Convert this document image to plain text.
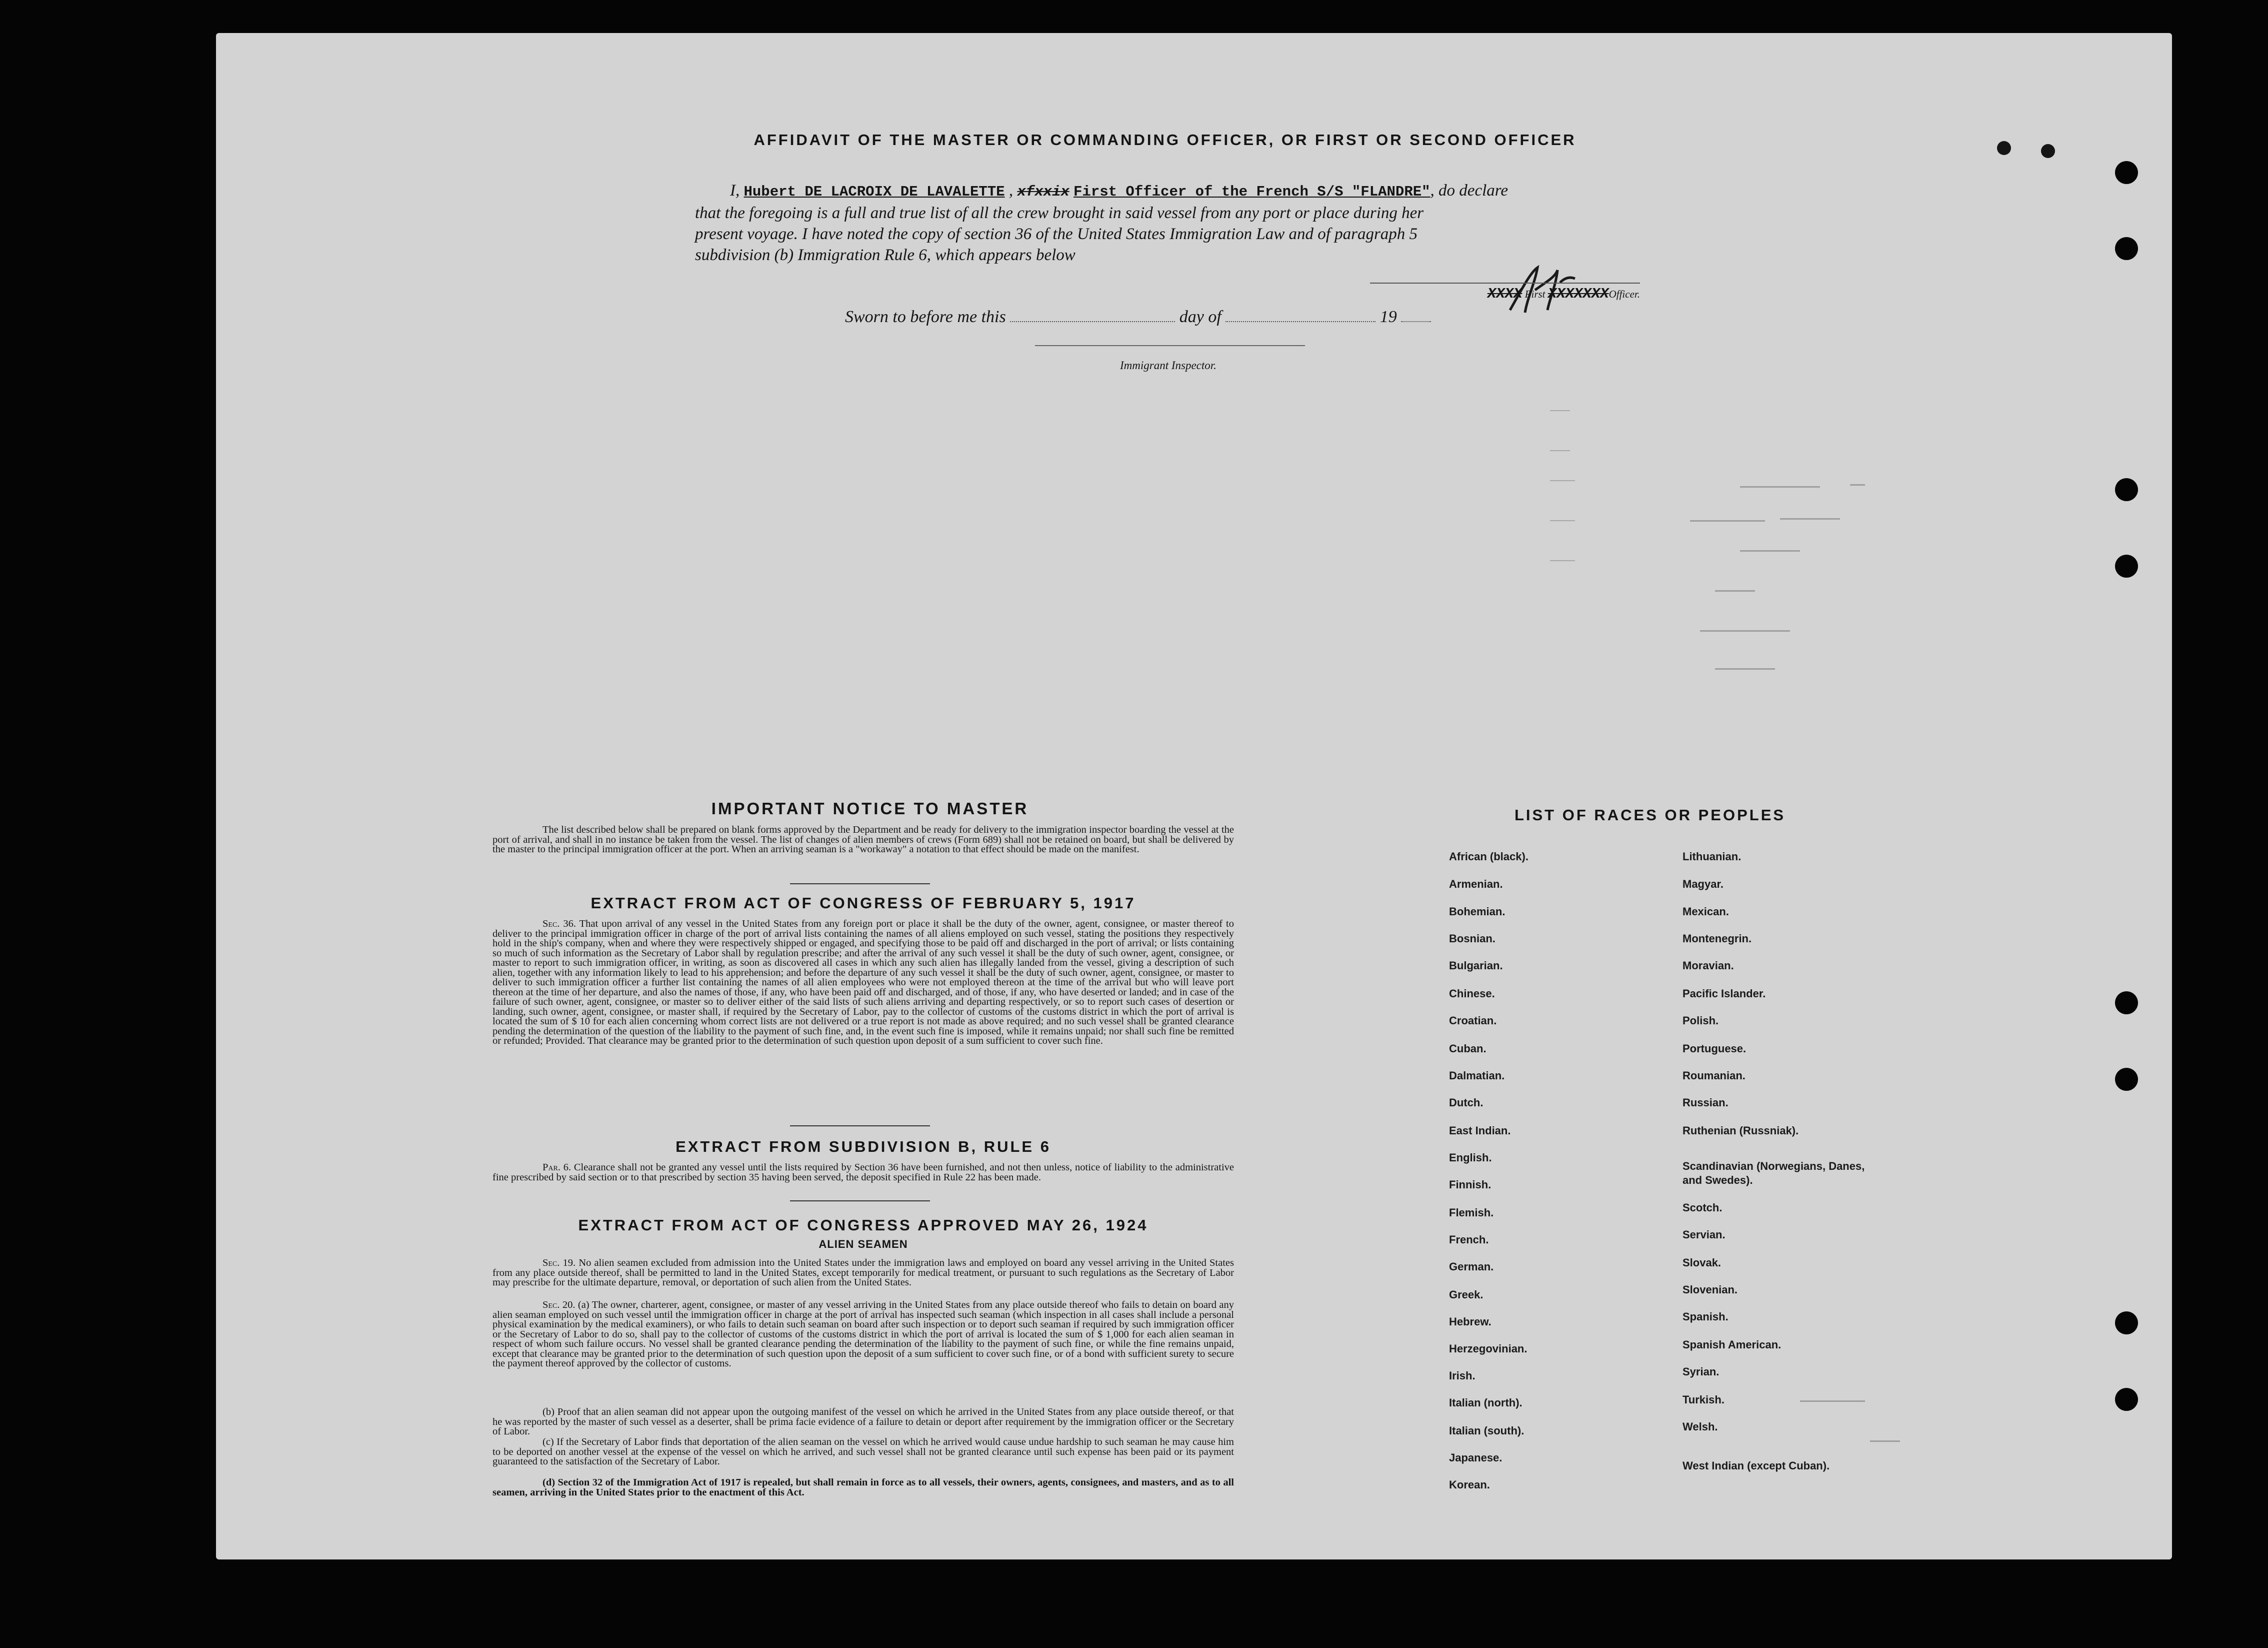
AFFIDAVIT OF THE MASTER OR COMMANDING OFFICER, OR FIRST OR SECOND OFFICER
I, Hubert DE LACROIX DE LAVALETTE , xfxxix First Officer of the French S/S "FLANDRE", do declare
that the foregoing is a full and true list of all the crew brought in said vessel from any port or place during her
present voyage. I have noted the copy of section 36 of the United States Immigration Law and of paragraph 5
subdivision (b) Immigration Rule 6, which appears below
XXXX First XXXXXXXOfficer.
Sworn to before me this	day of	19
Immigrant Inspector.
IMPORTANT NOTICE TO MASTER
The list described below shall be prepared on blank forms approved by the Department and be ready for delivery to the immigration inspector boarding the vessel at the port of arrival, and shall in no instance be taken from the vessel. The list of changes of alien members of crews (Form 689) shall not be retained on board, but shall be delivered by the master to the principal immigration officer at the port. When an arriving seaman is a "workaway" a notation to that effect should be made on the manifest.
EXTRACT FROM ACT OF CONGRESS OF FEBRUARY 5, 1917
Sec. 36. That upon arrival of any vessel in the United States from any foreign port or place it shall be the duty of the owner, agent, consignee, or master thereof to deliver to the principal immigration officer in charge of the port of arrival lists containing the names of all aliens employed on such vessel, stating the positions they respectively hold in the ship's company, when and where they were respectively shipped or engaged, and specifying those to be paid off and discharged in the port of arrival; or lists containing so much of such information as the Secretary of Labor shall by regulation prescribe; and after the arrival of any such vessel it shall be the duty of such owner, agent, consignee, or master to report to such immigration officer, in writing, as soon as discovered all cases in which any such alien has illegally landed from the vessel, giving a description of such alien, together with any information likely to lead to his apprehension; and before the departure of any such vessel it shall be the duty of such owner, agent, consignee, or master to deliver to such immigration officer a further list containing the names of all alien employees who were not employed thereon at the time of the arrival but who will leave port thereon at the time of her departure, and also the names of those, if any, who have been paid off and discharged, and of those, if any, who have deserted or landed; and in case of the failure of such owner, agent, consignee, or master so to deliver either of the said lists of such aliens arriving and departing respectively, or so to report such cases of desertion or landing, such owner, agent, consignee, or master shall, if required by the Secretary of Labor, pay to the collector of customs of the customs district in which the port of arrival is located the sum of $ 10 for each alien concerning whom correct lists are not delivered or a true report is not made as above required; and no such vessel shall be granted clearance pending the determination of the question of the liability to the payment of such fine, and, in the event such fine is imposed, while it remains unpaid; nor shall such fine be remitted or refunded; Provided. That clearance may be granted prior to the determination of such question upon deposit of a sum sufficient to cover such fine.
EXTRACT FROM SUBDIVISION B, RULE 6
Par. 6. Clearance shall not be granted any vessel until the lists required by Section 36 have been furnished, and not then unless, notice of liability to the administrative fine prescribed by said section or to that prescribed by section 35 having been served, the deposit specified in Rule 22 has been made.
EXTRACT FROM ACT OF CONGRESS APPROVED MAY 26, 1924
ALIEN SEAMEN
Sec. 19. No alien seamen excluded from admission into the United States under the immigration laws and employed on board any vessel arriving in the United States from any place outside thereof, shall be permitted to land in the United States, except temporarily for medical treatment, or pursuant to such regulations as the Secretary of Labor may prescribe for the ultimate departure, removal, or deportation of such alien from the United States.
Sec. 20. (a) The owner, charterer, agent, consignee, or master of any vessel arriving in the United States from any place outside thereof who fails to detain on board any alien seaman employed on such vessel until the immigration officer in charge at the port of arrival has inspected such seaman (which inspection in all cases shall include a personal physical examination by the medical examiners), or who fails to detain such seaman on board after such inspection or to deport such seaman if required by such immigration officer or the Secretary of Labor to do so, shall pay to the collector of customs of the customs district in which the port of arrival is located the sum of $ 1,000 for each alien seaman in respect of whom such failure occurs. No vessel shall be granted clearance pending the determination of the liability to the payment of such fine, or while the fine remains unpaid, except that clearance may be granted prior to the determination of such question upon the deposit of a sum sufficient to cover such fine, or of a bond with sufficient surety to secure the payment thereof approved by the collector of customs.
(b) Proof that an alien seaman did not appear upon the outgoing manifest of the vessel on which he arrived in the United States from any place outside thereof, or that he was reported by the master of such vessel as a deserter, shall be prima facie evidence of a failure to detain or deport after requirement by the immigration officer or the Secretary of Labor.
(c) If the Secretary of Labor finds that deportation of the alien seaman on the vessel on which he arrived would cause undue hardship to such seaman he may cause him to be deported on another vessel at the expense of the vessel on which he arrived, and such vessel shall not be granted clearance until such expense has been paid or its payment guaranteed to the satisfaction of the Secretary of Labor.
(d) Section 32 of the Immigration Act of 1917 is repealed, but shall remain in force as to all vessels, their owners, agents, consignees, and masters, and as to all seamen, arriving in the United States prior to the enactment of this Act.
LIST OF RACES OR PEOPLES
African (black).
Armenian.
Bohemian.
Bosnian.
Bulgarian.
Chinese.
Croatian.
Cuban.
Dalmatian.
Dutch.
East Indian.
English.
Finnish.
Flemish.
French.
German.
Greek.
Hebrew.
Herzegovinian.
Irish.
Italian (north).
Italian (south).
Japanese.
Korean.
Lithuanian.
Magyar.
Mexican.
Montenegrin.
Moravian.
Pacific Islander.
Polish.
Portuguese.
Roumanian.
Russian.
Ruthenian (Russniak).
Scandinavian (Norwegians, Danes, and Swedes).
Scotch.
Servian.
Slovak.
Slovenian.
Spanish.
Spanish American.
Syrian.
Turkish.
Welsh.
West Indian (except Cuban).
